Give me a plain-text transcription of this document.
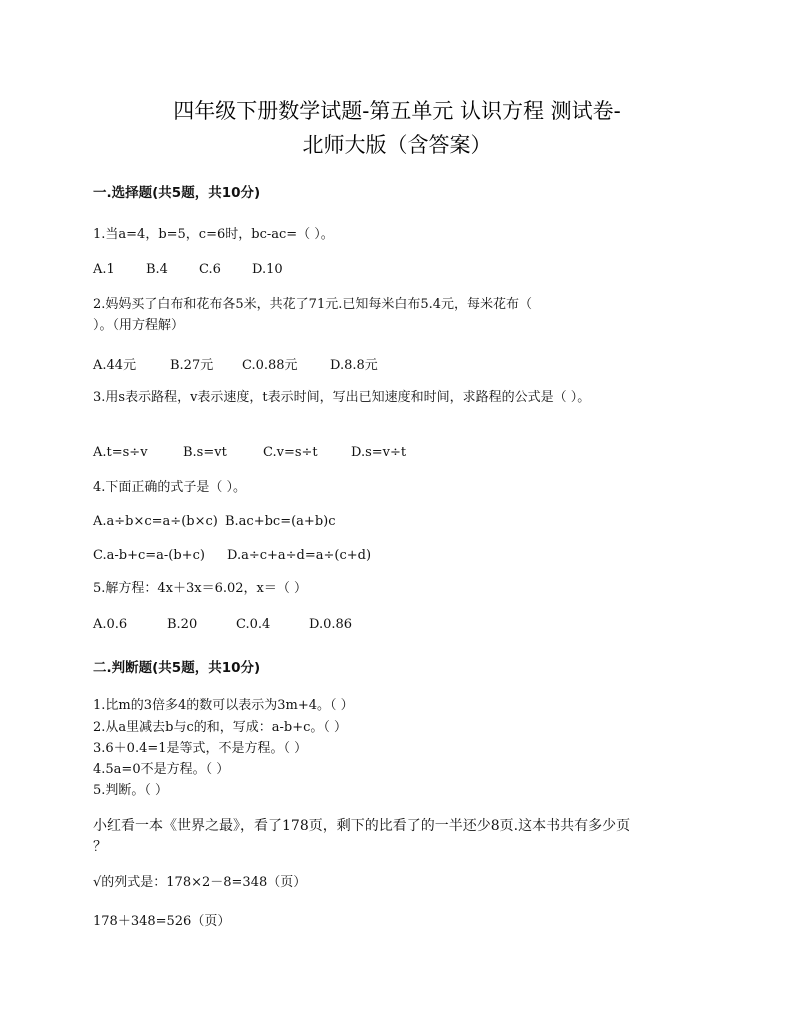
四年级下册数学试题-第五单元 认识方程 测试卷-
北师大版（含答案）
一.选择题(共5题，共10分)
1.当a=4，b=5，c=6时，bc-ac=（ ）。
A.1 B.4 C.6 D.10
2.妈妈买了白布和花布各5米，共花了71元.已知每米白布5.4元，每米花布（
）。（用方程解）
A.44元	B.27元 C.0.88元 D.8.8元
3.用s表示路程，v表示速度，t表示时间，写出已知速度和时间，求路程的公式是（ ）。
A.t=s÷v	B.s=vt	C.v=s÷t	D.s=v÷t
4.下面正确的式子是（ ）。
A.a÷b×c=a÷(b×c) B.ac+bc=(a+b)c
C.a-b+c=a-(b+c) D.a÷c+a÷d=a÷(c+d)
5.解方程：4x＋3x＝6.02，x＝（ ）
A.0.6	B.20	C.0.4	D.0.86
二.判断题(共5题，共10分)
1.比m的3倍多4的数可以表示为3m+4。（ ）
2.从a里减去b与c的和，写成：a-b+c。（ ）
3.6＋0.4=1是等式，不是方程。（ ）
4.5a=0不是方程。（ ）
5.判断。（ ）
小红看一本《世界之最》，看了178页，剩下的比看了的一半还少8页.这本书共有多少页
？
√的列式是：178×2－8=348（页）
178＋348=526（页）
